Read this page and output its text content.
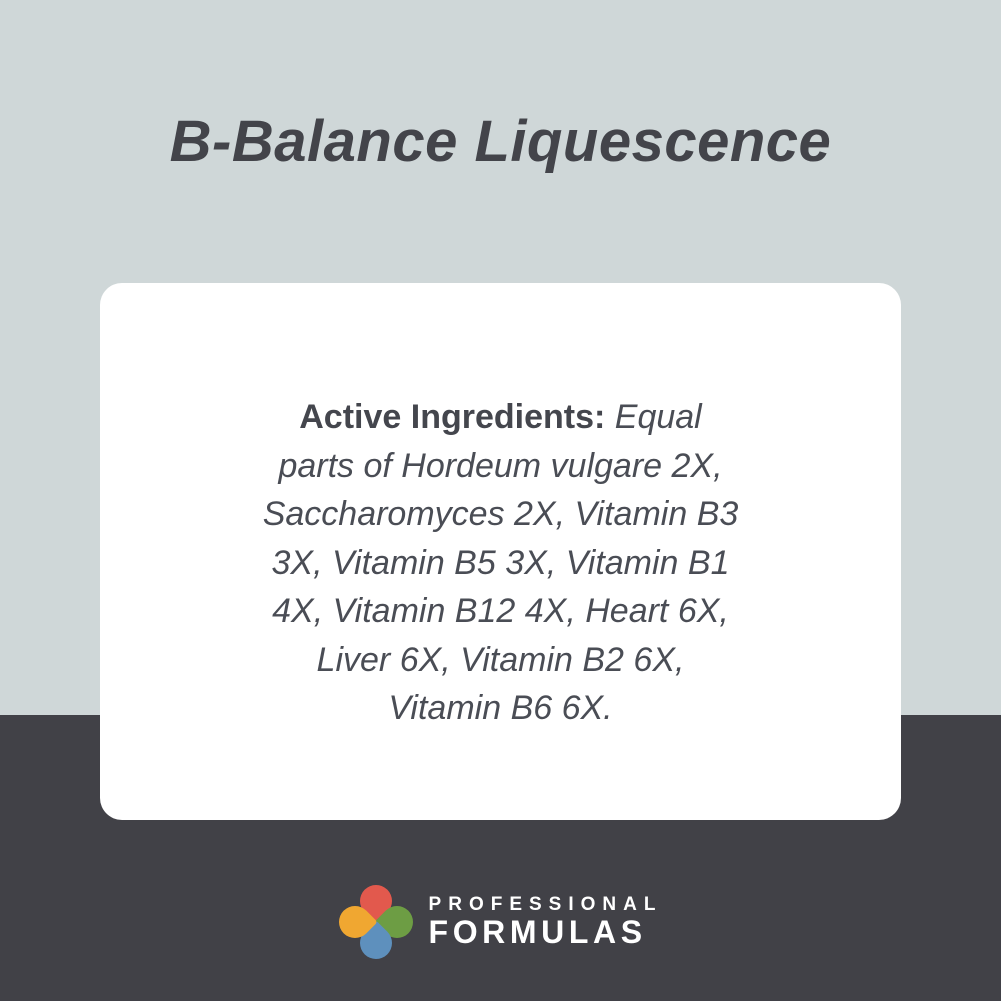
B-Balance Liquescence
Active Ingredients: Equal
parts of Hordeum vulgare 2X,
Saccharomyces 2X, Vitamin B3
3X, Vitamin B5 3X, Vitamin B1
4X, Vitamin B12 4X, Heart 6X,
Liver 6X, Vitamin B2 6X,
Vitamin B6 6X.
PROFESSIONAL
FORMULAS
